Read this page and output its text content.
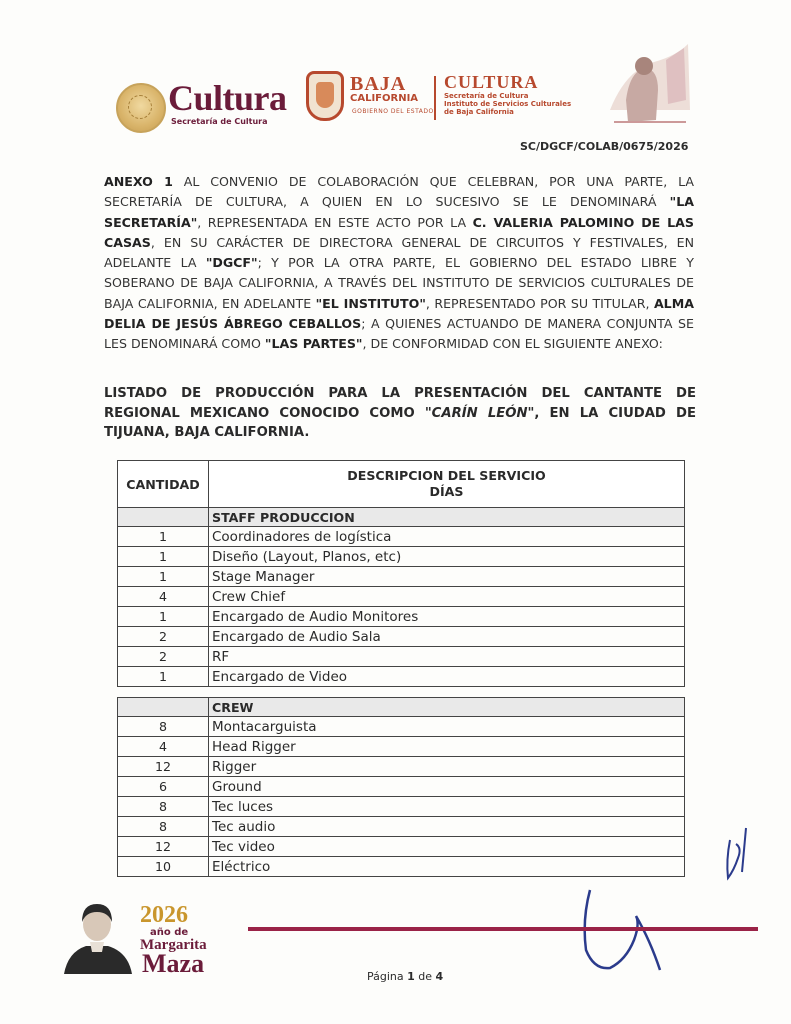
Cultura
Secretaría de Cultura
BAJA
CALIFORNIA
GOBIERNO DEL ESTADO
CULTURA
Secretaría de Cultura
Instituto de Servicios Culturales
de Baja California
SC/DGCF/COLAB/0675/2026
ANEXO 1 AL CONVENIO DE COLABORACIÓN QUE CELEBRAN, POR UNA PARTE, LA SECRETARÍA DE CULTURA, A QUIEN EN LO SUCESIVO SE LE DENOMINARÁ "LA SECRETARÍA", REPRESENTADA EN ESTE ACTO POR LA C. VALERIA PALOMINO DE LAS CASAS, EN SU CARÁCTER DE DIRECTORA GENERAL DE CIRCUITOS Y FESTIVALES, EN ADELANTE LA "DGCF"; Y POR LA OTRA PARTE, EL GOBIERNO DEL ESTADO LIBRE Y SOBERANO DE BAJA CALIFORNIA, A TRAVÉS DEL INSTITUTO DE SERVICIOS CULTURALES DE BAJA CALIFORNIA, EN ADELANTE "EL INSTITUTO", REPRESENTADO POR SU TITULAR, ALMA DELIA DE JESÚS ÁBREGO CEBALLOS; A QUIENES ACTUANDO DE MANERA CONJUNTA SE LES DENOMINARÁ COMO "LAS PARTES", DE CONFORMIDAD CON EL SIGUIENTE ANEXO:
LISTADO DE PRODUCCIÓN PARA LA PRESENTACIÓN DEL CANTANTE DE REGIONAL MEXICANO CONOCIDO COMO "CARÍN LEÓN", EN LA CIUDAD DE TIJUANA, BAJA CALIFORNIA.
CANTIDAD	DESCRIPCION DEL SERVICIO
DÍAS

	STAFF PRODUCCION
1	Coordinadores de logística
1	Diseño (Layout, Planos, etc)
1	Stage Manager
4	Crew Chief
1	Encargado de Audio Monitores
2	Encargado de Audio Sala
2	RF
1	Encargado de Video
	CREW
8	Montacarguista
4	Head Rigger
12	Rigger
6	Ground
8	Tec luces
8	Tec audio
12	Tec video
10	Eléctrico
2026
año de
Margarita
Maza	Página 1 de 4
